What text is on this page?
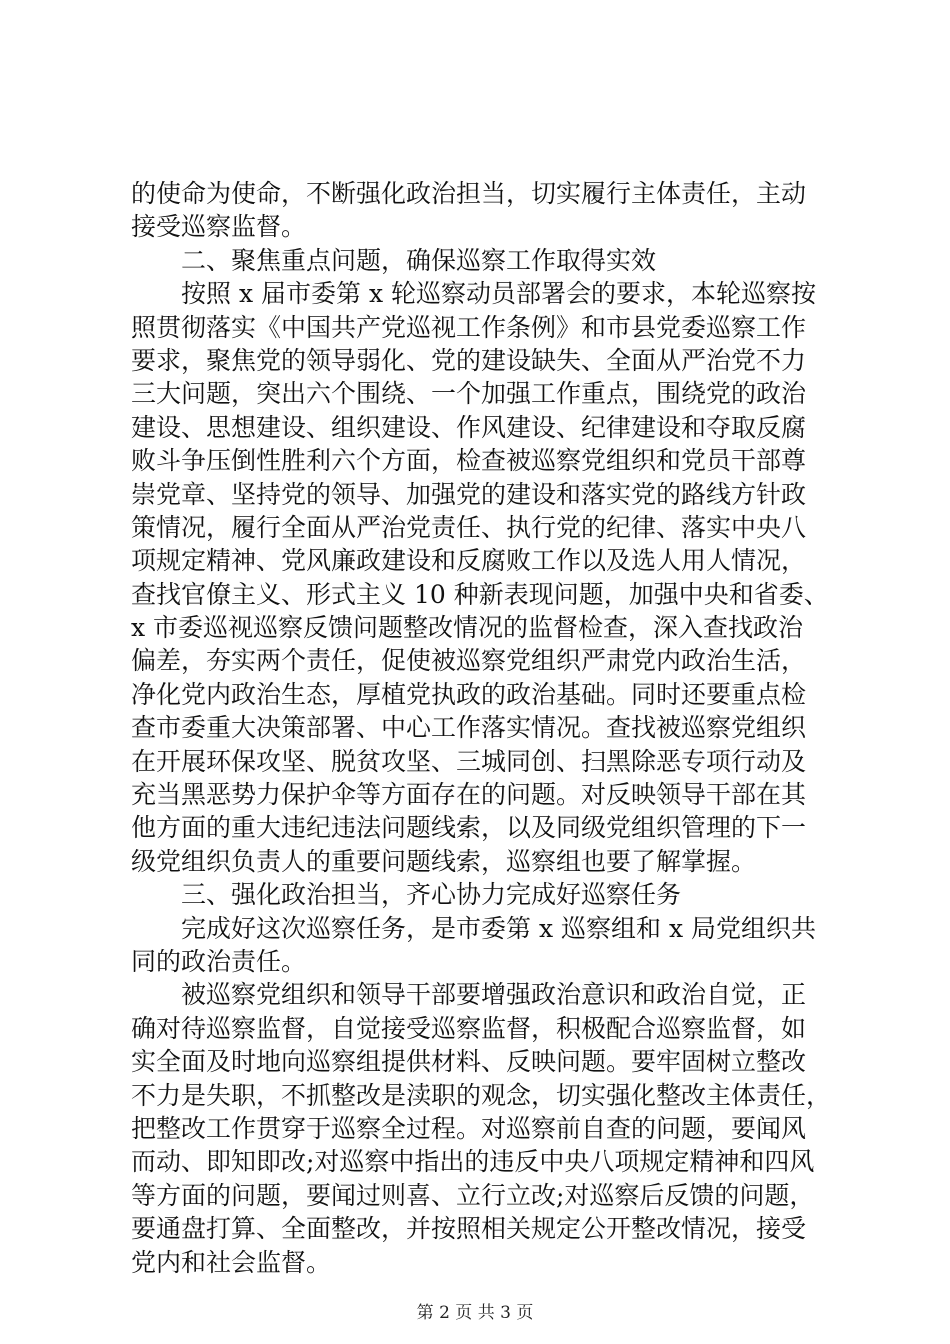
的使命为使命，不断强化政治担当，切实履行主体责任，主动
接受巡察监督。
二、聚焦重点问题，确保巡察工作取得实效
按照 x 届市委第 x 轮巡察动员部署会的要求，本轮巡察按
照贯彻落实《中国共产党巡视工作条例》和市县党委巡察工作
要求，聚焦党的领导弱化、党的建设缺失、全面从严治党不力
三大问题，突出六个围绕、一个加强工作重点，围绕党的政治
建设、思想建设、组织建设、作风建设、纪律建设和夺取反腐
败斗争压倒性胜利六个方面，检查被巡察党组织和党员干部尊
崇党章、坚持党的领导、加强党的建设和落实党的路线方针政
策情况，履行全面从严治党责任、执行党的纪律、落实中央八
项规定精神、党风廉政建设和反腐败工作以及选人用人情况，
查找官僚主义、形式主义 10 种新表现问题，加强中央和省委、
x 市委巡视巡察反馈问题整改情况的监督检查，深入查找政治
偏差，夯实两个责任，促使被巡察党组织严肃党内政治生活，
净化党内政治生态，厚植党执政的政治基础。同时还要重点检
查市委重大决策部署、中心工作落实情况。查找被巡察党组织
在开展环保攻坚、脱贫攻坚、三城同创、扫黑除恶专项行动及
充当黑恶势力保护伞等方面存在的问题。对反映领导干部在其
他方面的重大违纪违法问题线索，以及同级党组织管理的下一
级党组织负责人的重要问题线索，巡察组也要了解掌握。
三、强化政治担当，齐心协力完成好巡察任务
完成好这次巡察任务，是市委第 x 巡察组和 x 局党组织共
同的政治责任。
被巡察党组织和领导干部要增强政治意识和政治自觉，正
确对待巡察监督，自觉接受巡察监督，积极配合巡察监督，如
实全面及时地向巡察组提供材料、反映问题。要牢固树立整改
不力是失职，不抓整改是渎职的观念，切实强化整改主体责任，
把整改工作贯穿于巡察全过程。对巡察前自查的问题，要闻风
而动、即知即改;对巡察中指出的违反中央八项规定精神和四风
等方面的问题，要闻过则喜、立行立改;对巡察后反馈的问题，
要通盘打算、全面整改，并按照相关规定公开整改情况，接受
党内和社会监督。
第 2 页 共 3 页
